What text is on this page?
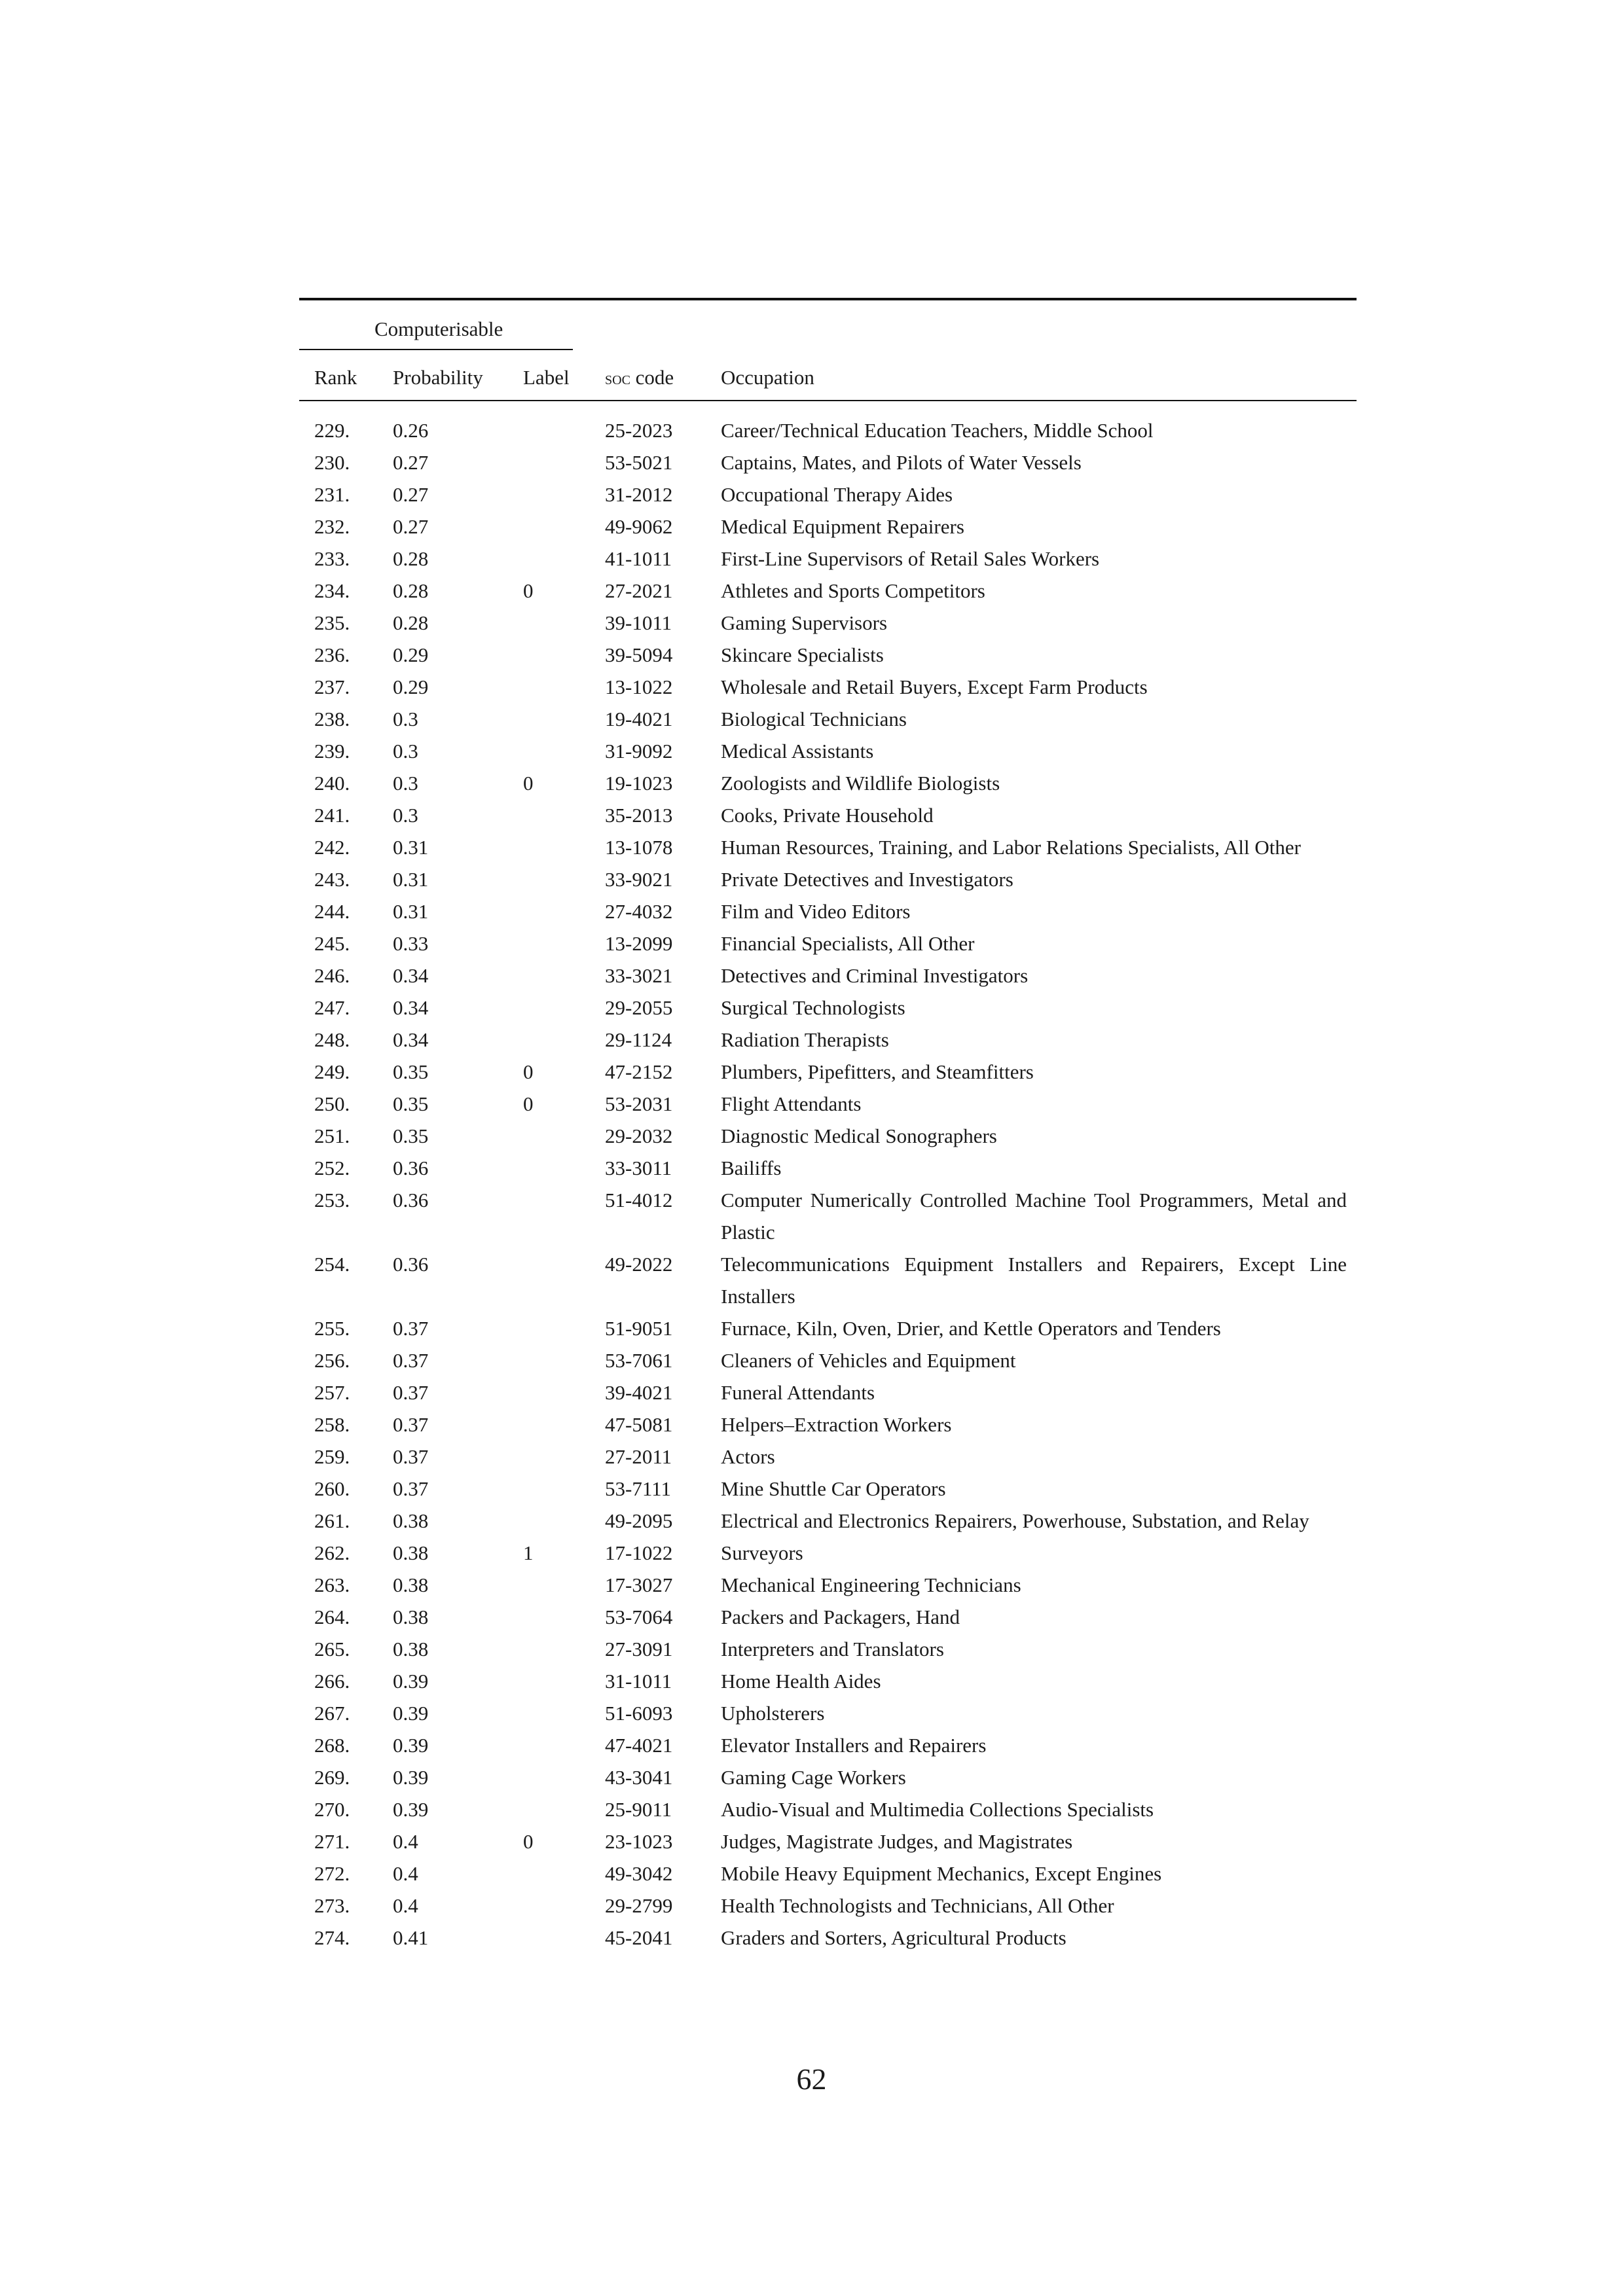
Computerisable
Rank Probability Label soc code Occupation
229. 0.26	25-2023 Career/Technical Education Teachers, Middle School
230. 0.27	53-5021 Captains, Mates, and Pilots of Water Vessels
231. 0.27	31-2012 Occupational Therapy Aides
232. 0.27	49-9062 Medical Equipment Repairers
233. 0.28	41-1011 First-Line Supervisors of Retail Sales Workers
234. 0.28	0	27-2021 Athletes and Sports Competitors
235. 0.28	39-1011 Gaming Supervisors
236. 0.29	39-5094 Skincare Specialists
237. 0.29	13-1022 Wholesale and Retail Buyers, Except Farm Products
238. 0.3	19-4021 Biological Technicians
239. 0.3	31-9092 Medical Assistants
240. 0.3	0	19-1023 Zoologists and Wildlife Biologists
241. 0.3	35-2013 Cooks, Private Household
242. 0.31	13-1078 Human Resources, Training, and Labor Relations Specialists, All Other
243. 0.31	33-9021 Private Detectives and Investigators
244. 0.31	27-4032 Film and Video Editors
245. 0.33	13-2099 Financial Specialists, All Other
246. 0.34	33-3021 Detectives and Criminal Investigators
247. 0.34	29-2055 Surgical Technologists
248. 0.34	29-1124 Radiation Therapists
249. 0.35	0	47-2152 Plumbers, Pipefitters, and Steamfitters
250. 0.35	0	53-2031 Flight Attendants
251. 0.35	29-2032 Diagnostic Medical Sonographers
252. 0.36	33-3011 Bailiffs
253. 0.36	51-4012 Computer Numerically Controlled Machine Tool Programmers, Metal and Plastic
254. 0.36	49-2022 Telecommunications Equipment Installers and Repairers, Except Line Installers
255. 0.37	51-9051 Furnace, Kiln, Oven, Drier, and Kettle Operators and Tenders
256. 0.37	53-7061 Cleaners of Vehicles and Equipment
257. 0.37	39-4021 Funeral Attendants
258. 0.37	47-5081 Helpers–Extraction Workers
259. 0.37	27-2011 Actors
260. 0.37	53-7111 Mine Shuttle Car Operators
261. 0.38	49-2095 Electrical and Electronics Repairers, Powerhouse, Substation, and Relay
262. 0.38	1	17-1022 Surveyors
263. 0.38	17-3027 Mechanical Engineering Technicians
264. 0.38	53-7064 Packers and Packagers, Hand
265. 0.38	27-3091 Interpreters and Translators
266. 0.39	31-1011 Home Health Aides
267. 0.39	51-6093 Upholsterers
268. 0.39	47-4021 Elevator Installers and Repairers
269. 0.39	43-3041 Gaming Cage Workers
270. 0.39	25-9011 Audio-Visual and Multimedia Collections Specialists
271. 0.4	0	23-1023 Judges, Magistrate Judges, and Magistrates
272. 0.4	49-3042 Mobile Heavy Equipment Mechanics, Except Engines
273. 0.4	29-2799 Health Technologists and Technicians, All Other
274. 0.41	45-2041 Graders and Sorters, Agricultural Products
62
